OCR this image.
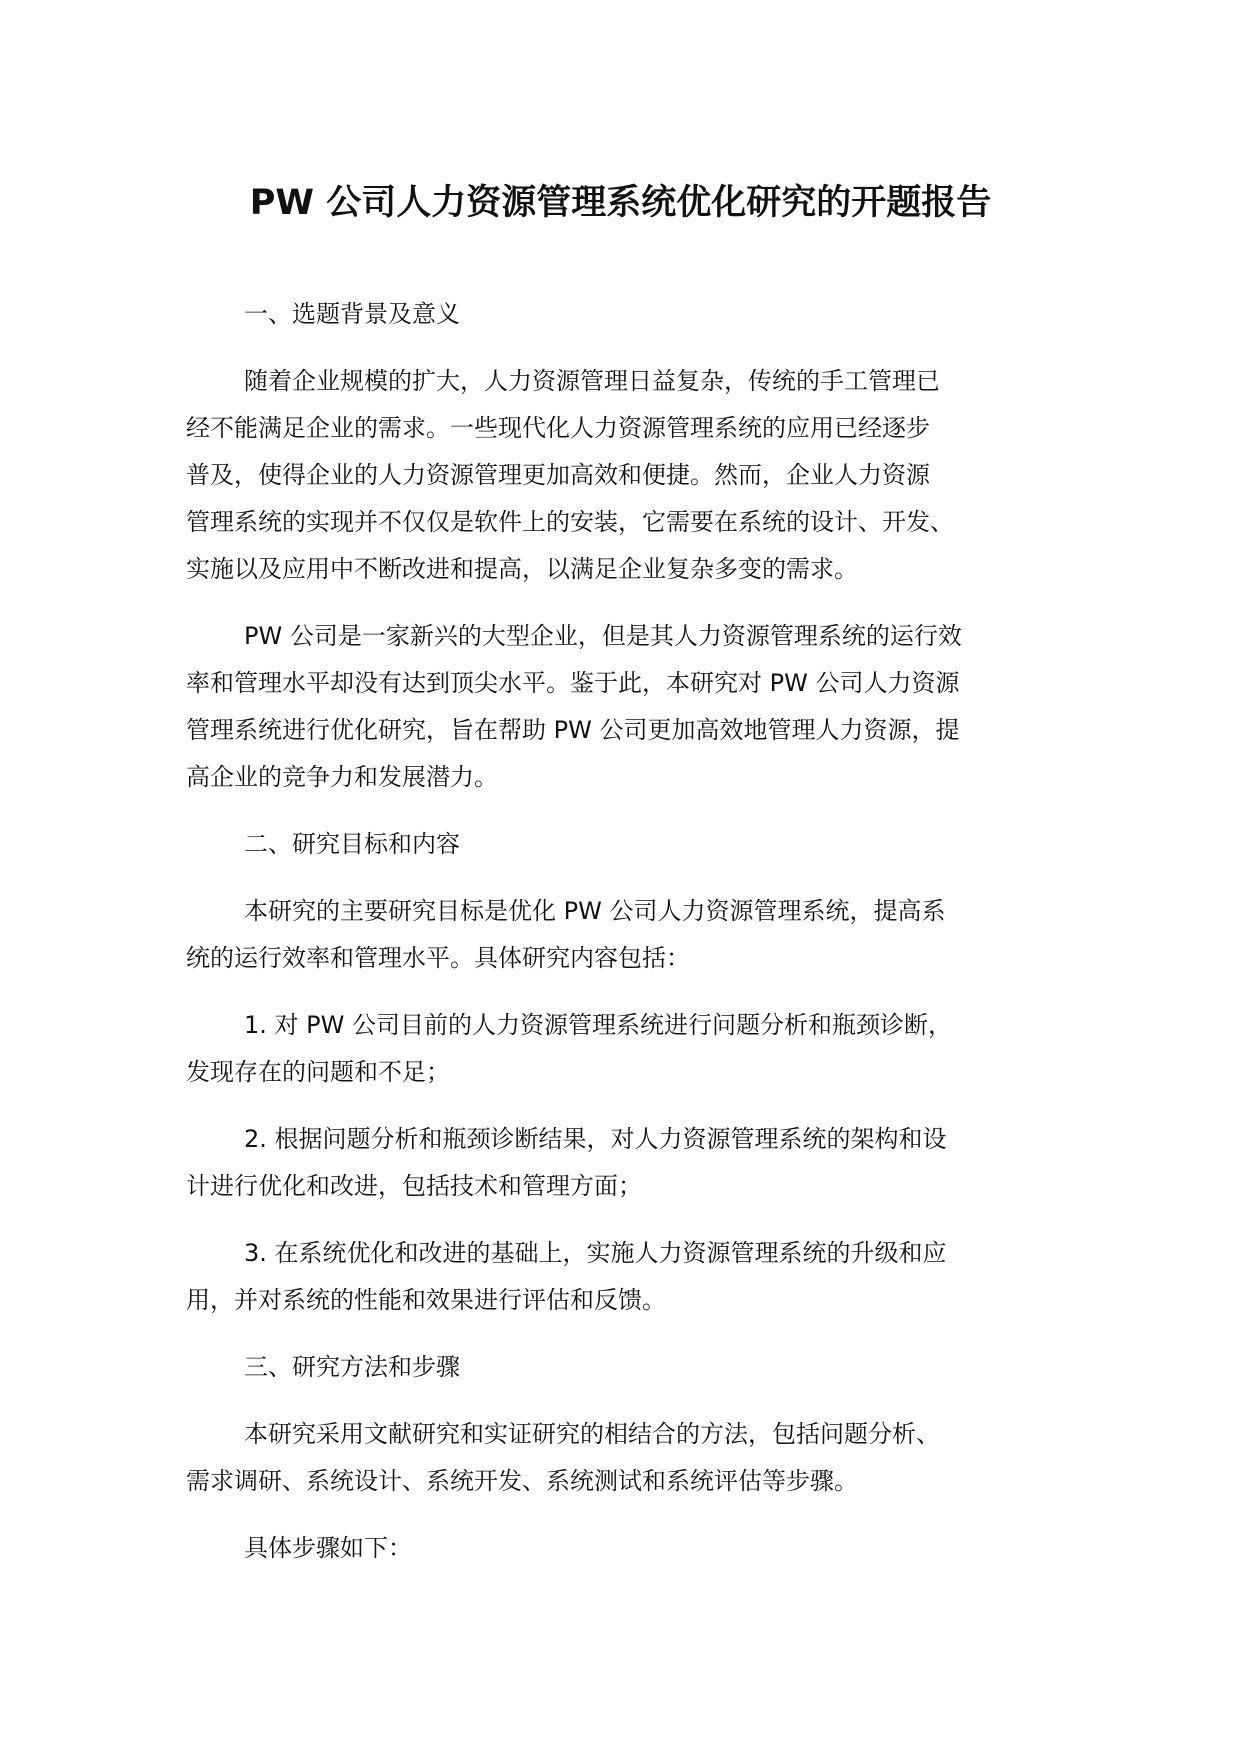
PW 公司人力资源管理系统优化研究的开题报告
一、选题背景及意义

随着企业规模的扩大，人力资源管理日益复杂，传统的手工管理已
经不能满足企业的需求。一些现代化人力资源管理系统的应用已经逐步
普及，使得企业的人力资源管理更加高效和便捷。然而，企业人力资源
管理系统的实现并不仅仅是软件上的安装，它需要在系统的设计、开发、
实施以及应用中不断改进和提高，以满足企业复杂多变的需求。

PW 公司是一家新兴的大型企业，但是其人力资源管理系统的运行效
率和管理水平却没有达到顶尖水平。鉴于此，本研究对 PW 公司人力资源
管理系统进行优化研究，旨在帮助 PW 公司更加高效地管理人力资源，提
高企业的竞争力和发展潜力。

二、研究目标和内容

本研究的主要研究目标是优化 PW 公司人力资源管理系统，提高系
统的运行效率和管理水平。具体研究内容包括：

1. 对 PW 公司目前的人力资源管理系统进行问题分析和瓶颈诊断，
发现存在的问题和不足；

2. 根据问题分析和瓶颈诊断结果，对人力资源管理系统的架构和设
计进行优化和改进，包括技术和管理方面；

3. 在系统优化和改进的基础上，实施人力资源管理系统的升级和应
用，并对系统的性能和效果进行评估和反馈。

三、研究方法和步骤

本研究采用文献研究和实证研究的相结合的方法，包括问题分析、
需求调研、系统设计、系统开发、系统测试和系统评估等步骤。

具体步骤如下：
